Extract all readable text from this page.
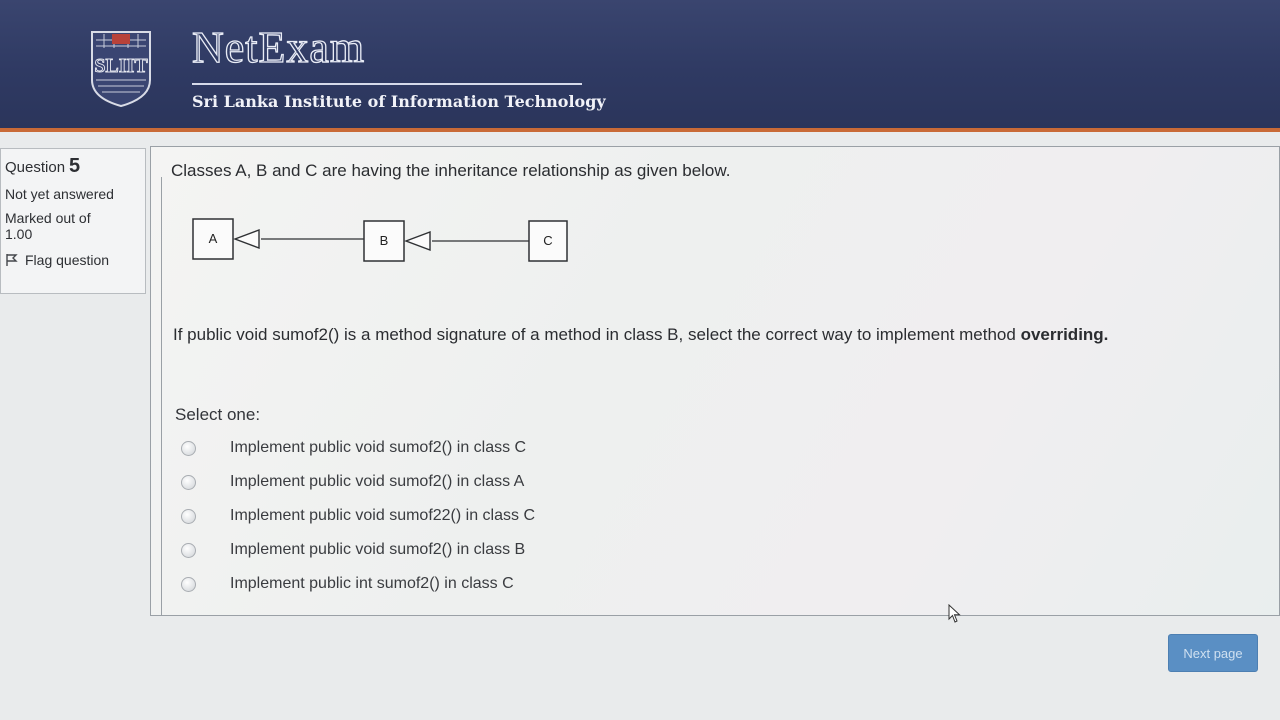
SLIIT NetExam
Sri Lanka Institute of Information Technology
Question 5
Not yet answered
Marked out of
1.00
Flag question
Classes A, B and C are having the inheritance relationship as given below.
A	B	C
If public void sumof2() is a method signature of a method in class B, select the correct way to implement method overriding.
Select one:
Implement public void sumof2() in class C
Implement public void sumof2() in class A
Implement public void sumof22() in class C
Implement public void sumof2() in class B
Implement public int sumof2() in class C
Next page
